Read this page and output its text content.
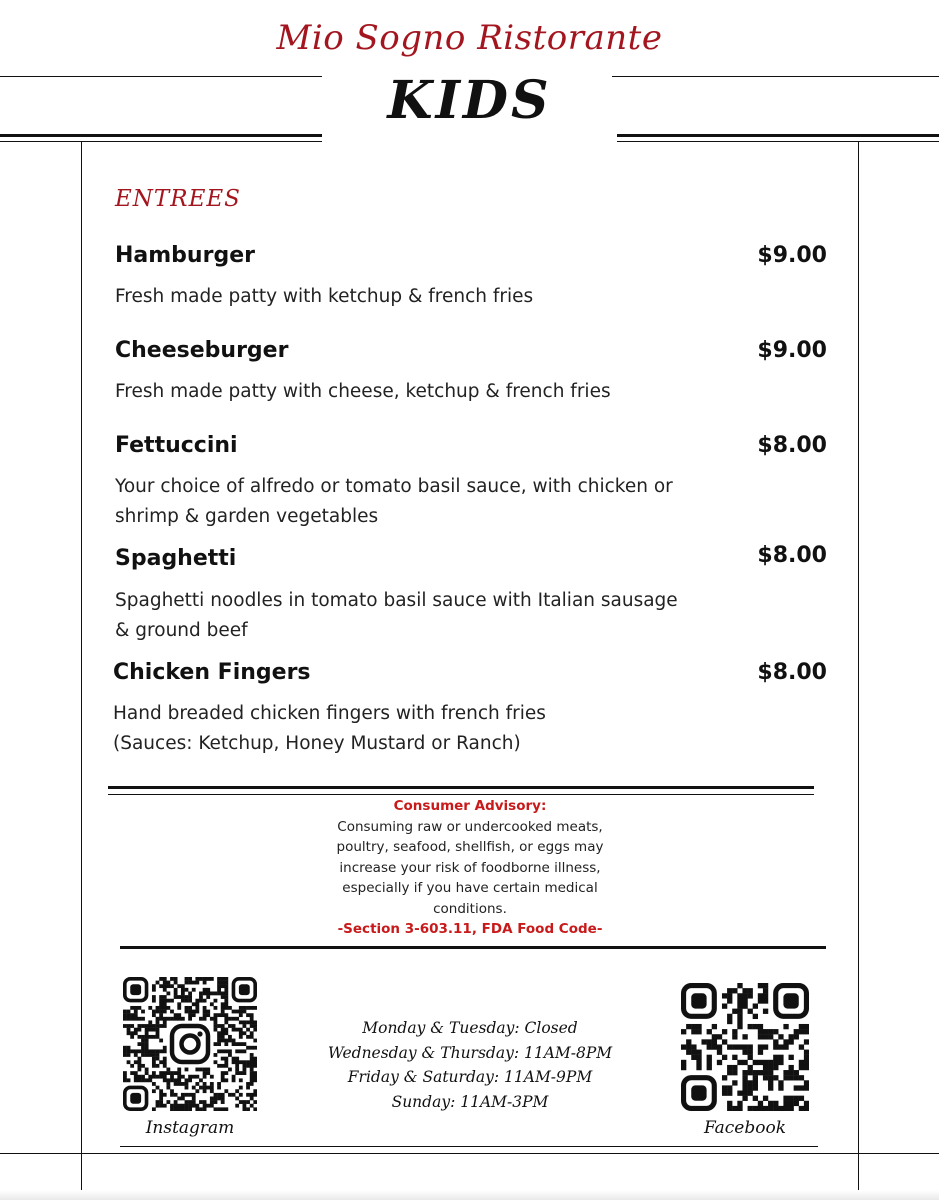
Mio Sogno Ristorante
KIDS
ENTREES
Hamburger	$9.00
Fresh made patty with ketchup & french fries
Cheeseburger	$9.00
Fresh made patty with cheese, ketchup & french fries
Fettuccini	$8.00
Your choice of alfredo or tomato basil sauce, with chicken or
shrimp & garden vegetables
Spaghetti	$8.00
Spaghetti noodles in tomato basil sauce with Italian sausage
& ground beef
Chicken Fingers	$8.00
Hand breaded chicken fingers with french fries
(Sauces: Ketchup, Honey Mustard or Ranch)
Consumer Advisory:
Consuming raw or undercooked meats,
poultry, seafood, shellfish, or eggs may
increase your risk of foodborne illness,
especially if you have certain medical
conditions.
-Section 3-603.11, FDA Food Code-
Instagram
Monday & Tuesday: Closed
Wednesday & Thursday: 11AM-8PM
Friday & Saturday: 11AM-9PM
Sunday: 11AM-3PM
Facebook
